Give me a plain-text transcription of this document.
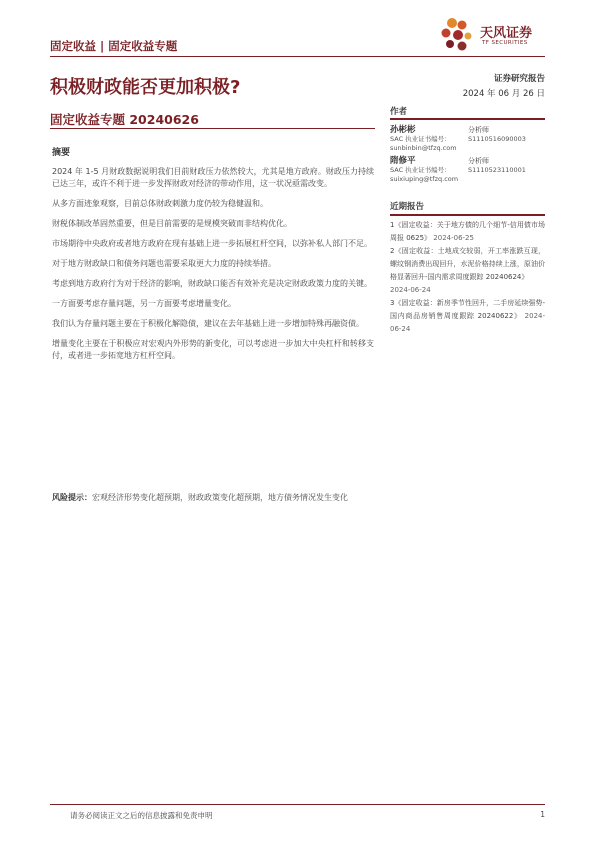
固定收益 | 固定收益专题
天风证券
TF SECURITIES
积极财政能否更加积极?	证券研究报告
2024 年 06 月 26 日
固定收益专题 20240626
摘要

2024 年 1-5 月财政数据说明我们目前财政压力依然较大，尤其是地方政府。财政压力持续已达三年，或许不利于进一步发挥财政对经济的带动作用，这一状况亟需改变。

从多方面迹象观察，目前总体财政刺激力度仍较为稳健温和。

财税体制改革固然重要，但是目前需要的是规模突破而非结构优化。

市场期待中央政府或者地方政府在现有基础上进一步拓展杠杆空间，以弥补私人部门不足。

对于地方财政缺口和债务问题也需要采取更大力度的持续举措。

考虑到地方政府行为对于经济的影响，财政缺口能否有效补充是决定财政政策力度的关键。

一方面要考虑存量问题，另一方面要考虑增量变化。

我们认为存量问题主要在于积极化解隐债，建议在去年基础上进一步增加特殊再融资债。

增量变化主要在于积极应对宏观内外形势的新变化，可以考虑进一步加大中央杠杆和转移支付，或者进一步拓宽地方杠杆空间。

风险提示：宏观经济形势变化超预期，财政政策变化超预期，地方债务情况发生变化
作者
孙彬彬	分析师
SAC 执业证书编号：	S1110516090003
sunbinbin@tfzq.com
隋修平	分析师
SAC 执业证书编号：	S1110523110001
suixiuping@tfzq.com
近期报告
1《固定收益：关于地方债的几个细节-信用债市场周报 0625》 2024-06-25
2《固定收益：土地成交较弱，开工率涨跌互现，螺纹钢消费出现回升，水泥价格持续上涨，原油价格显著回升-国内需求周度跟踪 20240624》
2024-06-24
3《固定收益：新房季节性回升，二手房延续强势-国内商品房销售周度跟踪 20240622》 2024-06-24
请务必阅读正文之后的信息披露和免责申明	1
